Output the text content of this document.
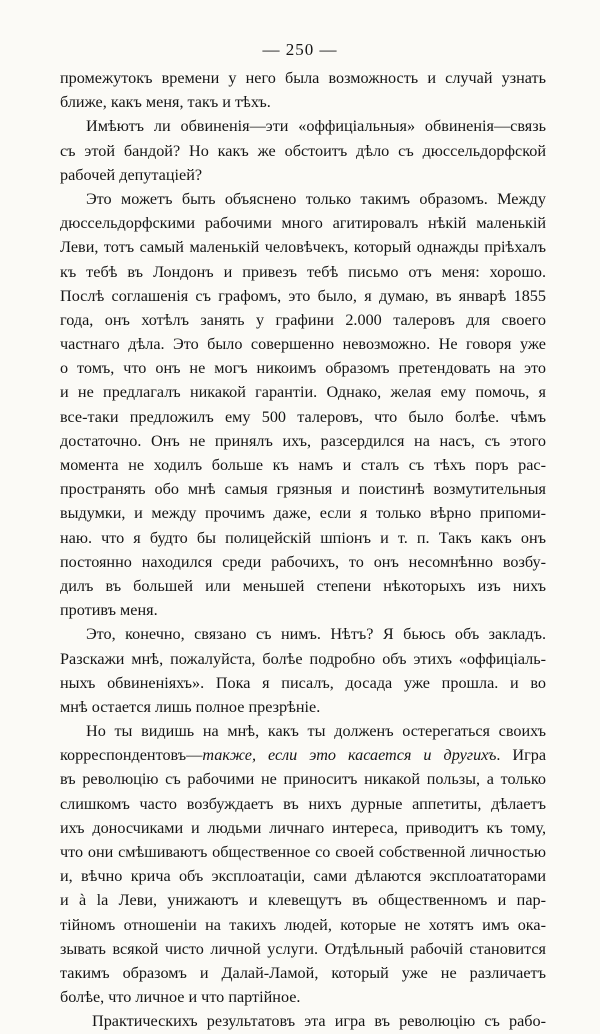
— 250 —
промежутокъ времени у него была возможность и случай узнать
ближе, какъ меня, такъ и тѣхъ.
Имѣютъ ли обвиненія—эти «оффиціальныя» обвиненія—связь
съ этой бандой? Но какъ же обстоитъ дѣло съ дюссельдорфской
рабочей депутаціей?
Это можетъ быть объяснено только такимъ образомъ. Между
дюссельдорфскими рабочими много агитировалъ нѣкій маленькій
Леви, тотъ самый маленькій человѣчекъ, который однажды пріѣхалъ
къ тебѣ въ Лондонъ и привезъ тебѣ письмо отъ меня: хорошо.
Послѣ соглашенія съ графомъ, это было, я думаю, въ январѣ 1855
года, онъ хотѣлъ занять у графини 2.000 талеровъ для своего
частнаго дѣла. Это было совершенно невозможно. Не говоря уже
о томъ, что онъ не могъ никоимъ образомъ претендовать на это
и не предлагалъ никакой гарантіи. Однако, желая ему помочь, я
все-таки предложилъ ему 500 талеровъ, что было болѣе. чѣмъ
достаточно. Онъ не принялъ ихъ, разсердился на насъ, съ этого
момента не ходилъ больше къ намъ и сталъ съ тѣхъ поръ рас-
пространять обо мнѣ самыя грязныя и поистинѣ возмутительныя
выдумки, и между прочимъ даже, если я только вѣрно припоми-
наю. что я будто бы полицейскій шпіонъ и т. п. Такъ какъ онъ
постоянно находился среди рабочихъ, то онъ несомнѣнно возбу-
дилъ въ большей или меньшей степени нѣкоторыхъ изъ нихъ
противъ меня.
Это, конечно, связано съ нимъ. Нѣтъ? Я бьюсь объ закладъ.
Разскажи мнѣ, пожалуйста, болѣе подробно объ этихъ «оффиціаль-
ныхъ обвиненіяхъ». Пока я писалъ, досада уже прошла. и во
мнѣ остается лишь полное презрѣніе.
Но ты видишь на мнѣ, какъ ты долженъ остерегаться своихъ
корреспондентовъ—также, если это касается и другихъ. Игра
въ революцію съ рабочими не приноситъ никакой пользы, а только
слишкомъ часто возбуждаетъ въ нихъ дурные аппетиты, дѣлаетъ
ихъ доносчиками и людьми личнаго интереса, приводитъ къ тому,
что они смѣшиваютъ общественное со своей собственной личностью
и, вѣчно крича объ эксплоатаціи, сами дѣлаются эксплоататорами
и à la Леви, унижаютъ и клевещутъ въ общественномъ и пар-
тійномъ отношеніи на такихъ людей, которые не хотятъ имъ ока-
зывать всякой чисто личной услуги. Отдѣльный рабочій становится
такимъ образомъ и Далай-Ламой, который уже не различаетъ
болѣе, что личное и что партійное.
Практическихъ результатовъ эта игра въ революцію съ рабо-
